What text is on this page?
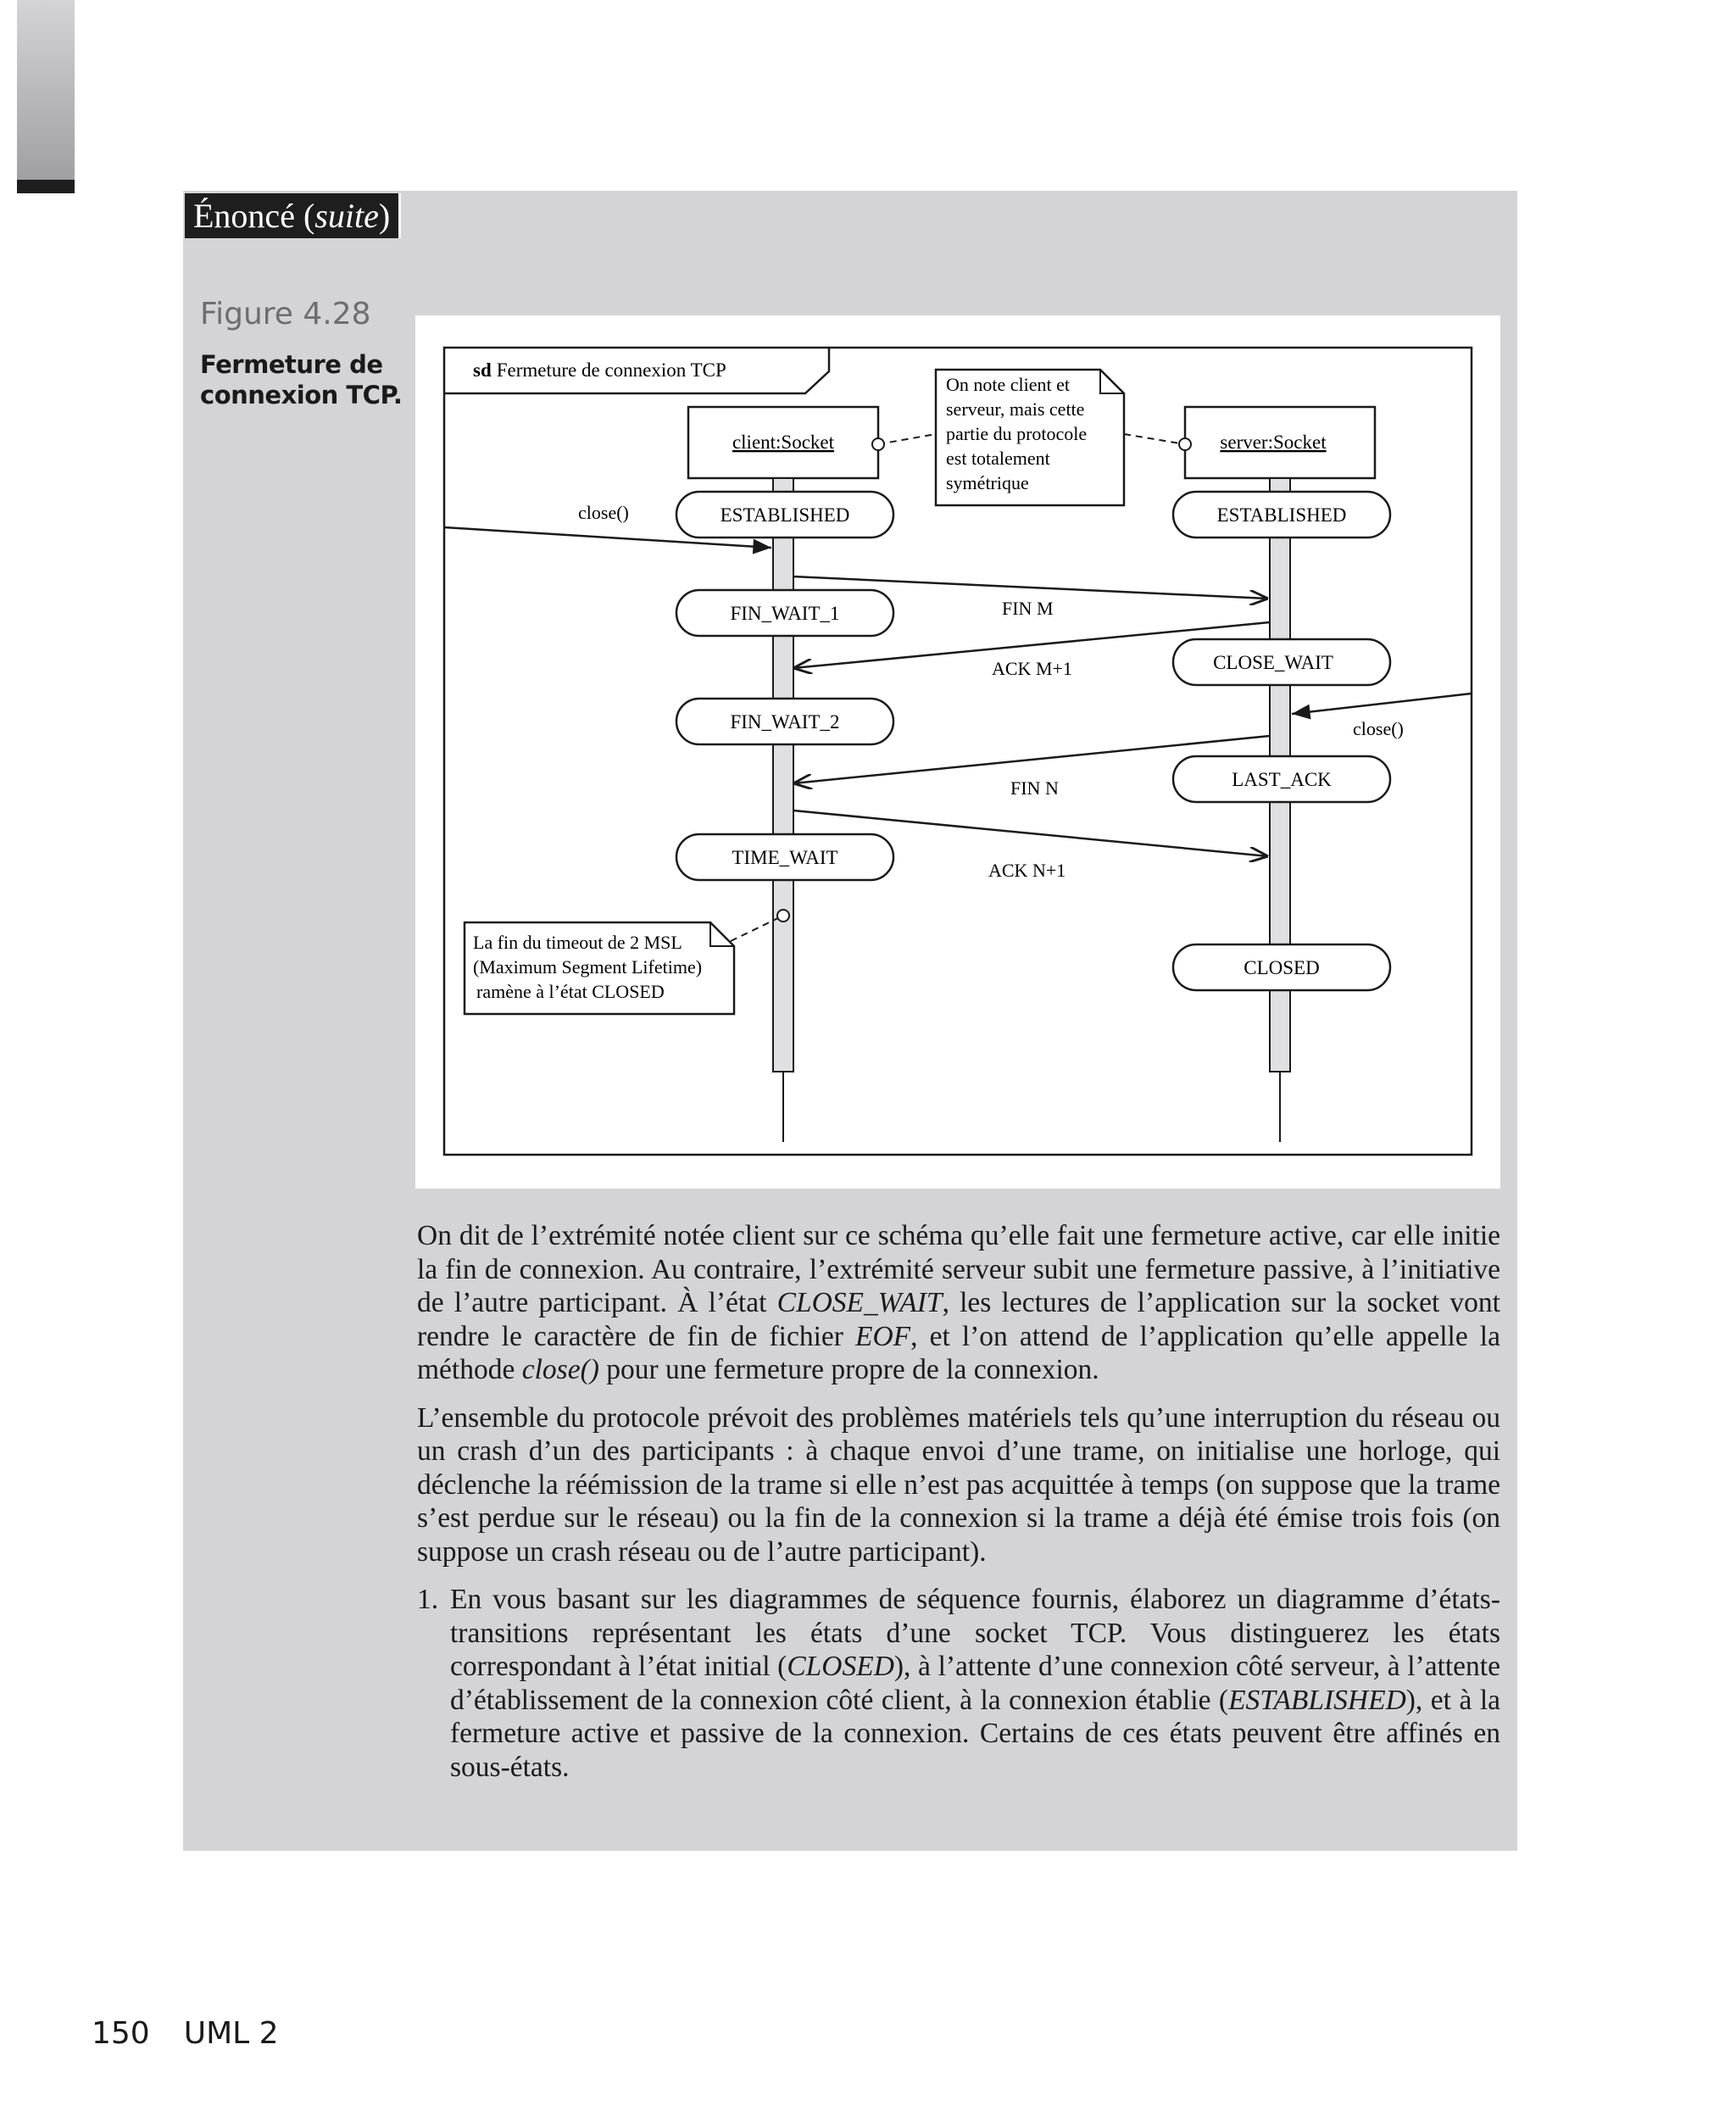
Énoncé (suite)
Figure 4.28
Fermeture de connexion TCP.
sd Fermeture de connexion TCP
client:Socket	server:Socket
On note client et serveur, mais cette partie du protocole est totalement symétrique
La fin du timeout de 2 MSL (Maximum Segment Lifetime) ramène à l’état CLOSED
ESTABLISHED
FIN_WAIT_1
FIN_WAIT_2
TIME_WAIT
ESTABLISHED
CLOSE_WAIT
LAST_ACK
CLOSED
close()
FIN M
ACK M+1
close()
FIN N
ACK N+1

On dit de l’extrémité notée client sur ce schéma qu’elle fait une fermeture active, car elle initie la fin de connexion. Au contraire, l’extrémité serveur subit une fermeture passive, à l’initiative de l’autre participant. À l’état CLOSE_WAIT, les lectures de l’application sur la socket vont rendre le caractère de fin de fichier EOF, et l’on attend de l’application qu’elle appelle la méthode close() pour une fermeture propre de la connexion.

L’ensemble du protocole prévoit des problèmes matériels tels qu’une interruption du réseau ou un crash d’un des participants : à chaque envoi d’une trame, on initialise une horloge, qui déclenche la réémission de la trame si elle n’est pas acquittée à temps (on suppose que la trame s’est perdue sur le réseau) ou la fin de la connexion si la trame a déjà été émise trois fois (on suppose un crash réseau ou de l’autre participant).

1. En vous basant sur les diagrammes de séquence fournis, élaborez un diagramme d’états-transitions représentant les états d’une socket TCP. Vous distinguerez les états correspondant à l’état initial (CLOSED), à l’attente d’une connexion côté serveur, à l’attente d’établissement de la connexion côté client, à la connexion établie (ESTABLISHED), et à la fermeture active et passive de la connexion. Certains de ces états peuvent être affinés en sous-états.
150 UML 2
